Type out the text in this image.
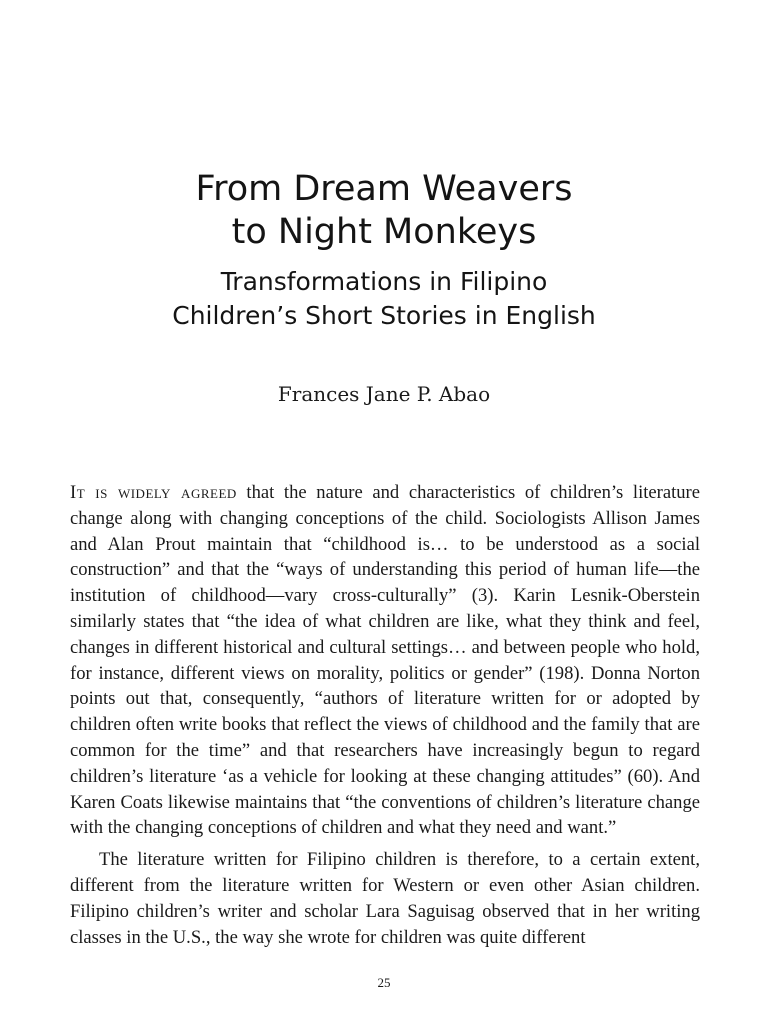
From Dream Weavers
to Night Monkeys
Transformations in Filipino
Children’s Short Stories in English
Frances Jane P. Abao

It is widely agreed that the nature and characteristics of children’s literature change along with changing conceptions of the child. Sociologists Allison James and Alan Prout maintain that “childhood is… to be understood as a social construction” and that the “ways of understanding this period of human life—the institution of childhood—vary cross-culturally” (3). Karin Lesnik-Oberstein similarly states that “the idea of what children are like, what they think and feel, changes in different historical and cultural settings… and between people who hold, for instance, different views on morality, politics or gender” (198). Donna Norton points out that, consequently, “authors of literature written for or adopted by children often write books that reflect the views of childhood and the family that are common for the time” and that researchers have increasingly begun to regard children’s literature ‘as a vehicle for looking at these changing attitudes” (60). And Karen Coats likewise maintains that “the conventions of children’s literature change with the changing conceptions of children and what they need and want.”

The literature written for Filipino children is therefore, to a certain extent, different from the literature written for Western or even other Asian children. Filipino children’s writer and scholar Lara Saguisag observed that in her writing classes in the U.S., the way she wrote for children was quite different

25
